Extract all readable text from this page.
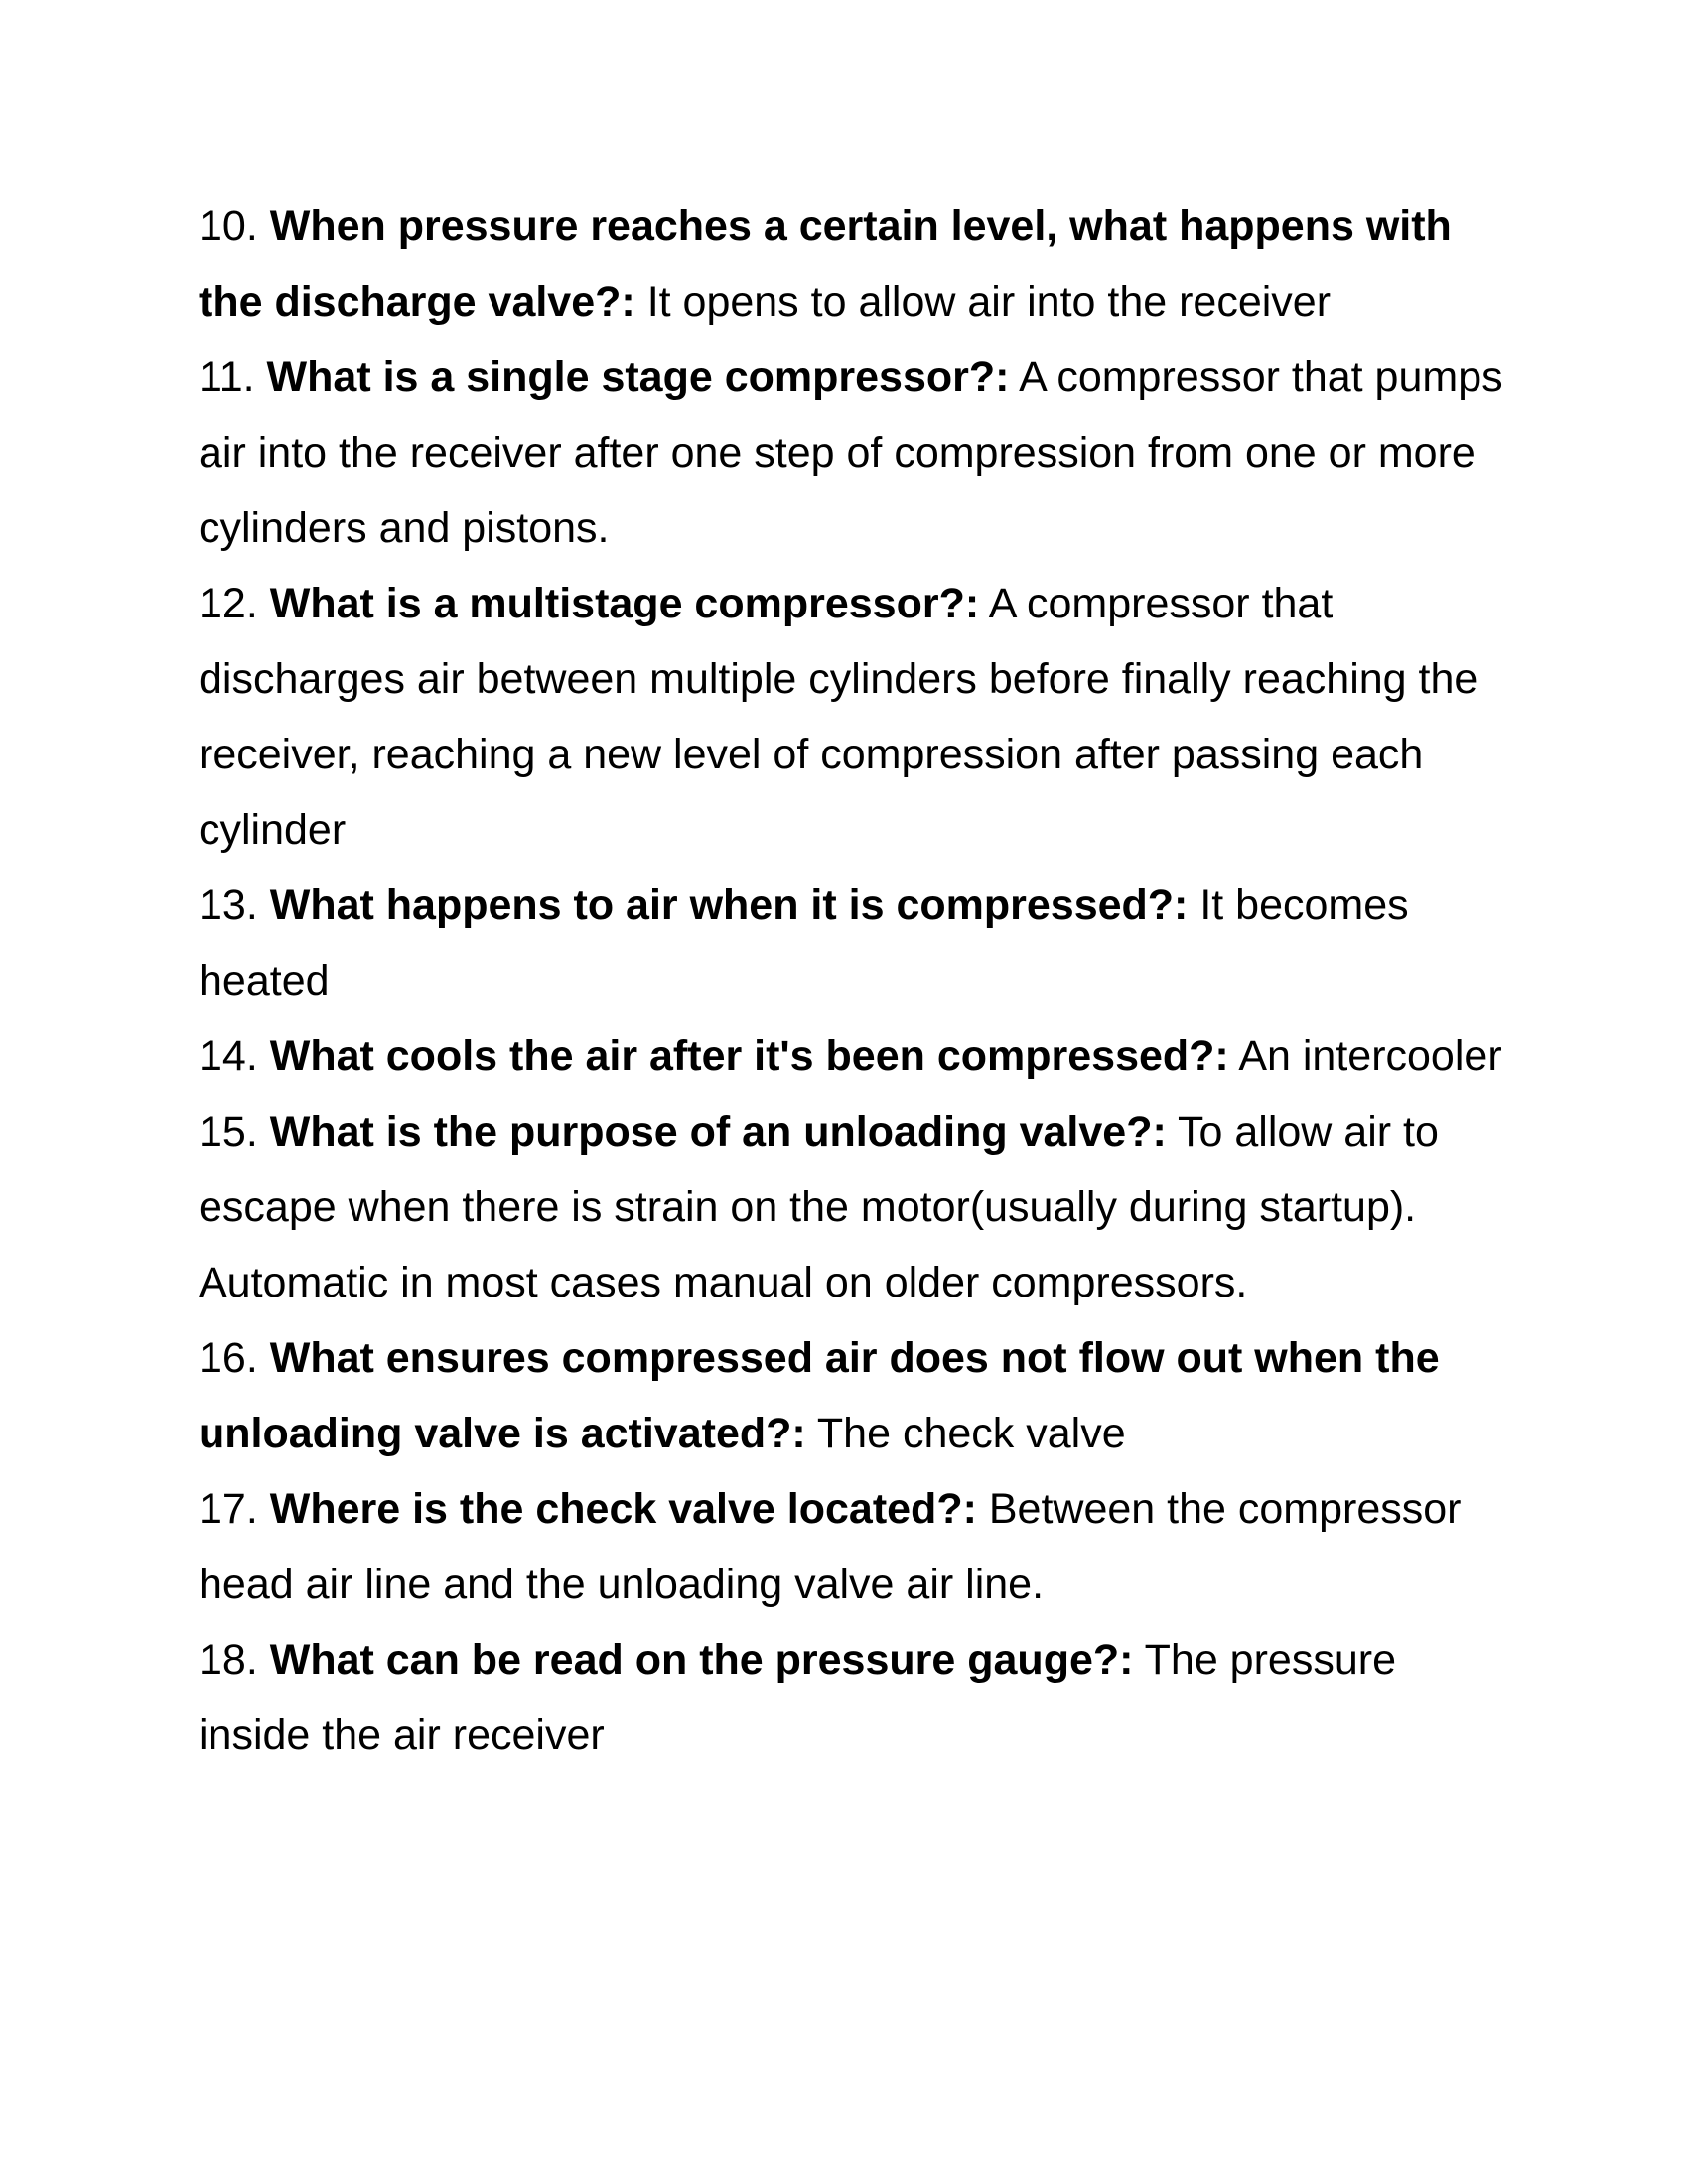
10. When pressure reaches a certain level, what happens with the discharge valve?: It opens to allow air into the receiver

11. What is a single stage compressor?: A compressor that pumps air into the receiver after one step of compression from one or more cylinders and pistons.

12. What is a multistage compressor?: A compressor that discharges air between multiple cylinders before finally reaching the receiver, reaching a new level of compression after passing each cylinder

13. What happens to air when it is compressed?: It becomes heated

14. What cools the air after it's been compressed?: An intercooler

15. What is the purpose of an unloading valve?: To allow air to escape when there is strain on the motor(usually during startup). Automatic in most cases manual on older compressors.

16. What ensures compressed air does not flow out when the unloading valve is activated?: The check valve

17. Where is the check valve located?: Between the compressor head air line and the unloading valve air line.

18. What can be read on the pressure gauge?: The pressure inside the air receiver
